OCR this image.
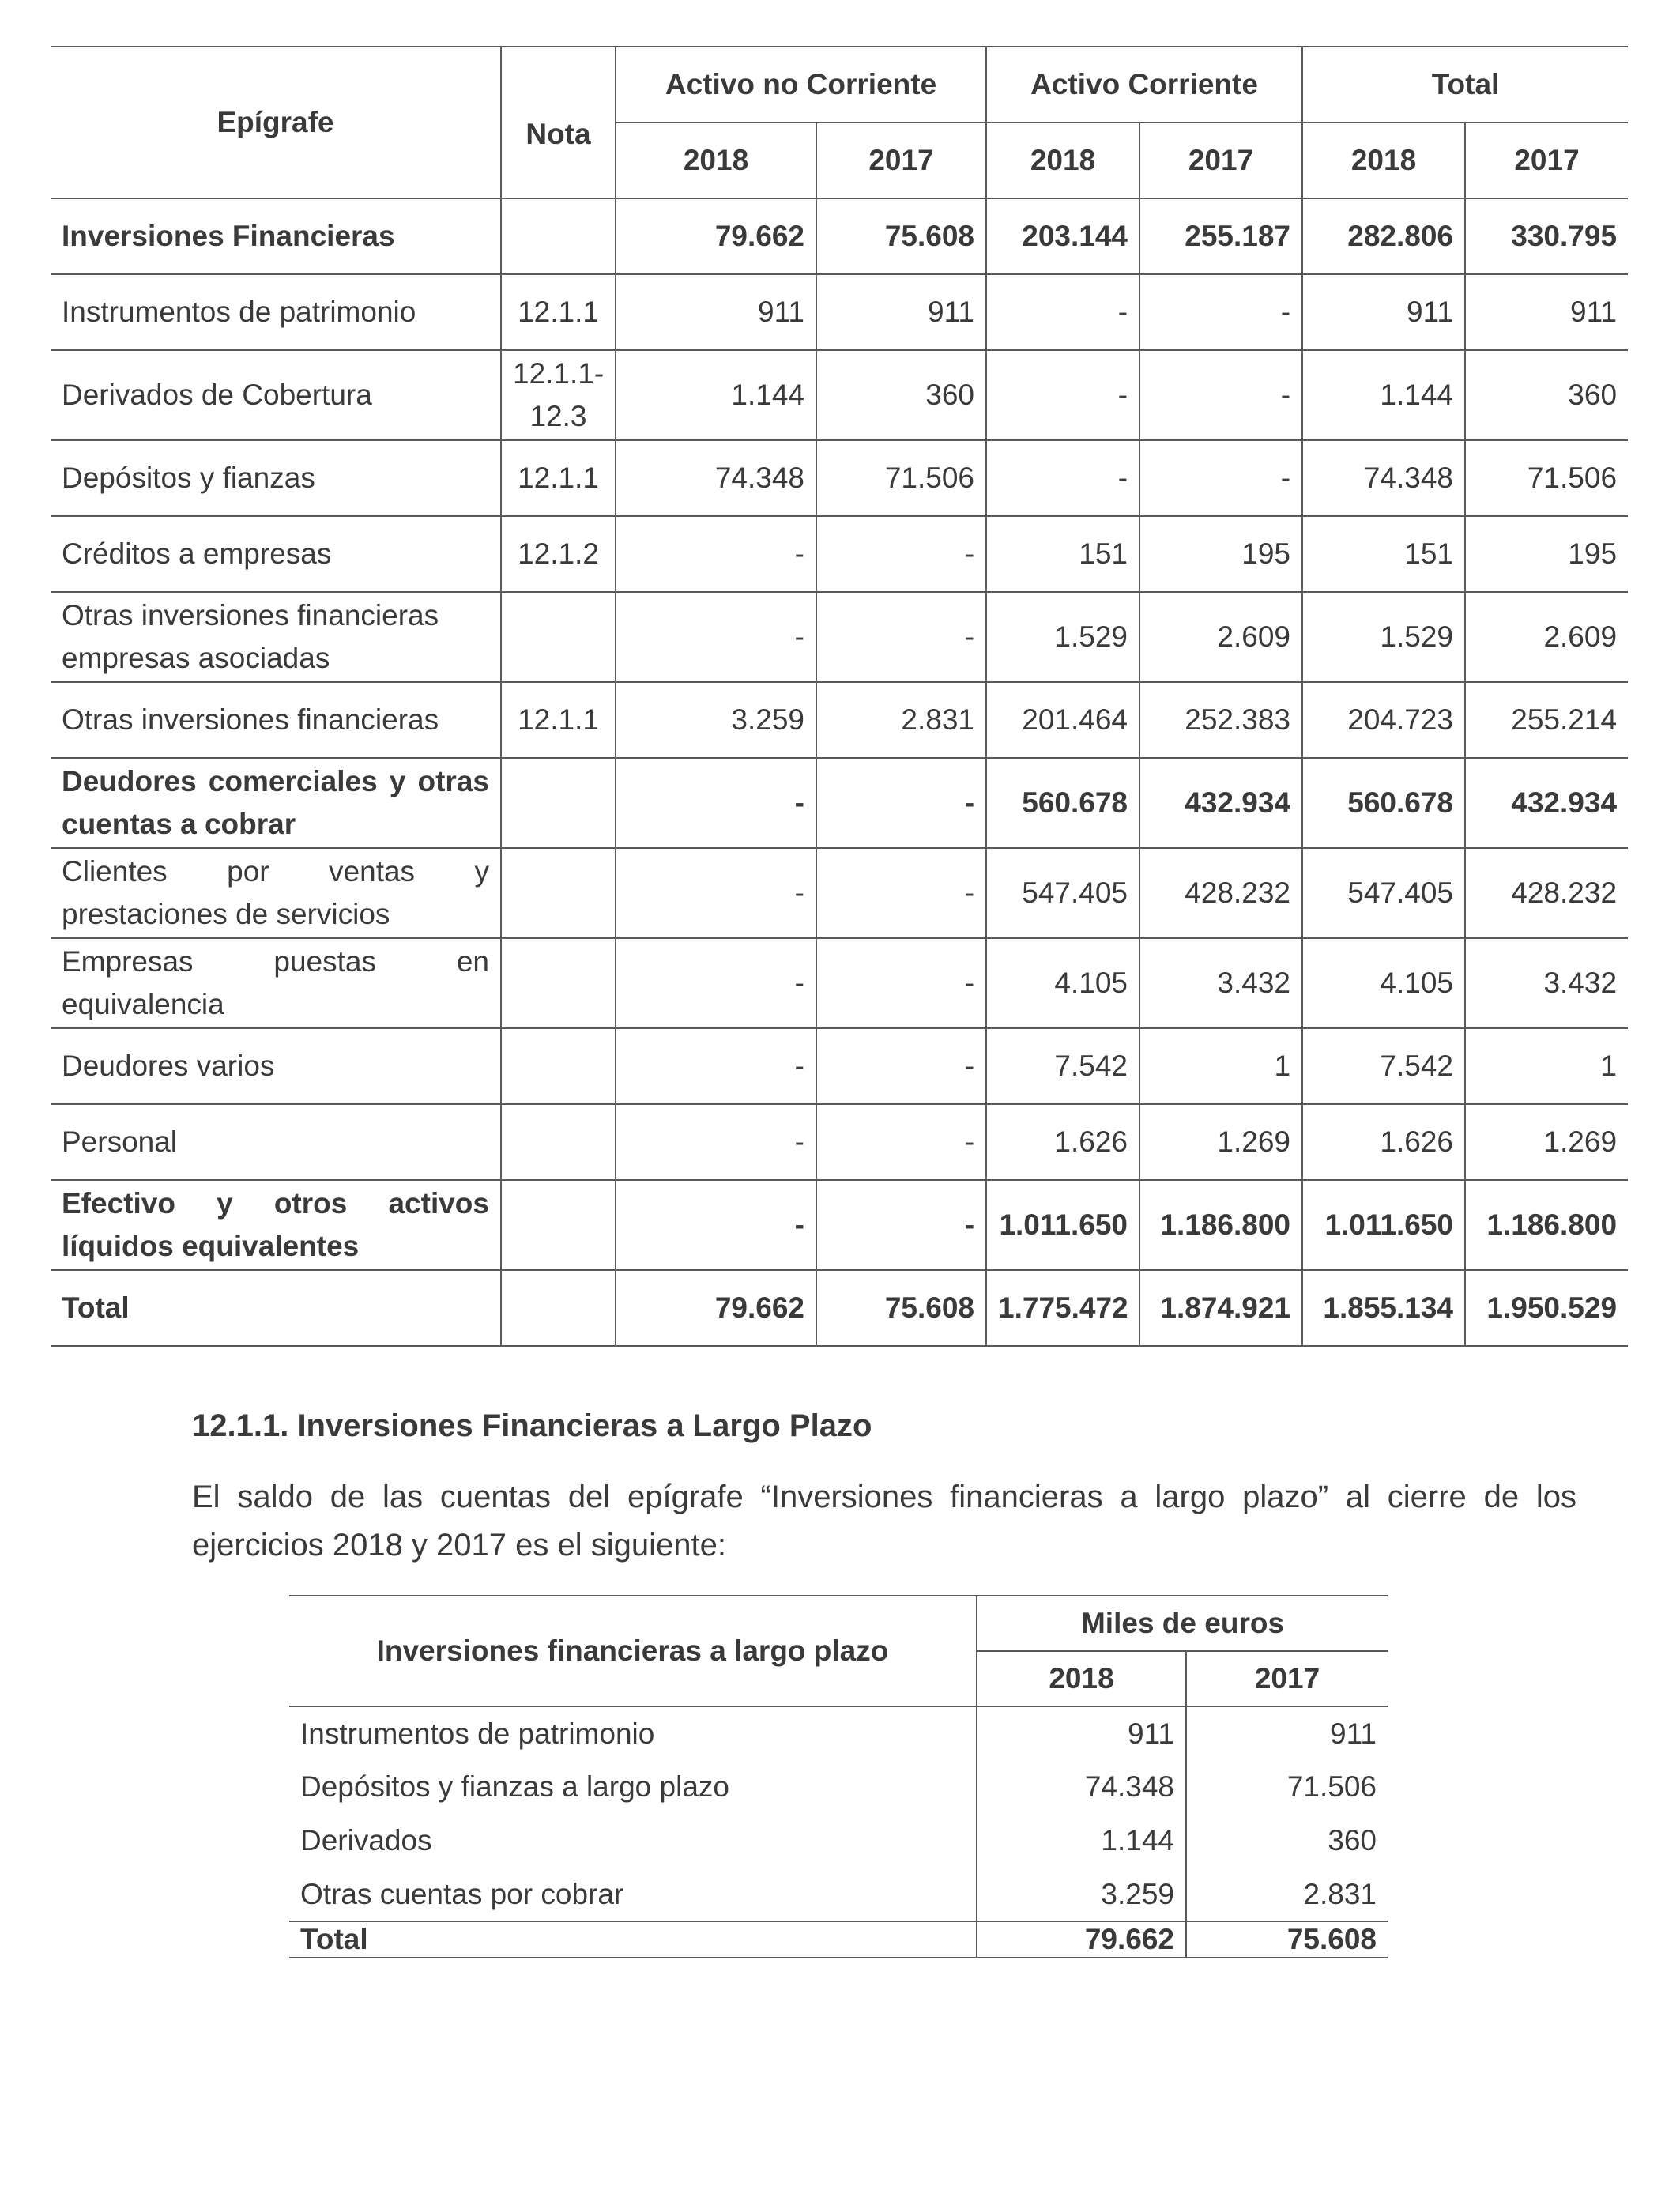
Epígrafe	Nota	Activo no Corriente		Activo Corriente		Total	
		2018	2017	2018	2017	2018	2017
Inversiones Financieras		79.662	75.608	203.144	255.187	282.806	330.795
Instrumentos de patrimonio	12.1.1	911	911	-	-	911	911
Derivados de Cobertura	12.1.1-12.3	1.144	360	-	-	1.144	360
Depósitos y fianzas	12.1.1	74.348	71.506	-	-	74.348	71.506
Créditos a empresas	12.1.2	-	-	151	195	151	195
Otras inversiones financieras empresas asociadas		-	-	1.529	2.609	1.529	2.609
Otras inversiones financieras	12.1.1	3.259	2.831	201.464	252.383	204.723	255.214
Deudores comerciales y otras cuentas a cobrar		-	-	560.678	432.934	560.678	432.934
Clientes por ventas y prestaciones de servicios		-	-	547.405	428.232	547.405	428.232
Empresas puestas en equivalencia		-	-	4.105	3.432	4.105	3.432
Deudores varios		-	-	7.542	1	7.542	1
Personal		-	-	1.626	1.269	1.626	1.269
Efectivo y otros activos líquidos equivalentes		-	-	1.011.650	1.186.800	1.011.650	1.186.800
Total		79.662	75.608	1.775.472	1.874.921	1.855.134	1.950.529
12.1.1. Inversiones Financieras a Largo Plazo

El saldo de las cuentas del epígrafe “Inversiones financieras a largo plazo” al cierre de los ejercicios 2018 y 2017 es el siguiente:

Inversiones financieras a largo plazo	Miles de euros	
	2018	2017
Instrumentos de patrimonio	911	911
Depósitos y fianzas a largo plazo	74.348	71.506
Derivados	1.144	360
Otras cuentas por cobrar	3.259	2.831
Total	79.662	75.608
